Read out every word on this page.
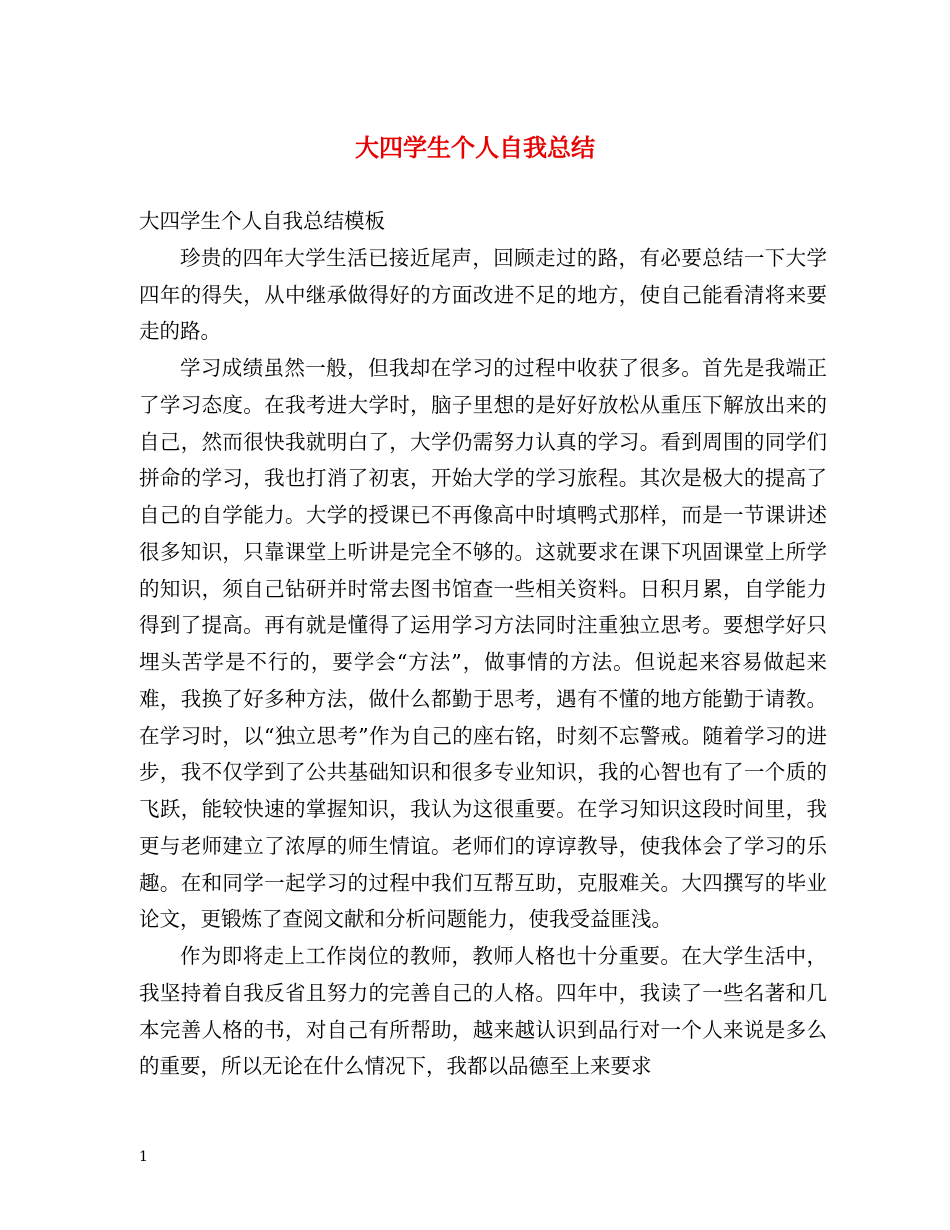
大四学生个人自我总结

大四学生个人自我总结模板

珍贵的四年大学生活已接近尾声，回顾走过的路，有必要总结一下大学四年的得失，从中继承做得好的方面改进不足的地方，使自己能看清将来要走的路。

学习成绩虽然一般，但我却在学习的过程中收获了很多。首先是我端正了学习态度。在我考进大学时，脑子里想的是好好放松从重压下解放出来的自己，然而很快我就明白了，大学仍需努力认真的学习。看到周围的同学们拼命的学习，我也打消了初衷，开始大学的学习旅程。其次是极大的提高了自己的自学能力。大学的授课已不再像高中时填鸭式那样，而是一节课讲述很多知识，只靠课堂上听讲是完全不够的。这就要求在课下巩固课堂上所学的知识，须自己钻研并时常去图书馆查一些相关资料。日积月累，自学能力得到了提高。再有就是懂得了运用学习方法同时注重独立思考。要想学好只埋头苦学是不行的，要学会“方法”，做事情的方法。但说起来容易做起来难，我换了好多种方法，做什么都勤于思考，遇有不懂的地方能勤于请教。在学习时，以“独立思考”作为自己的座右铭，时刻不忘警戒。随着学习的进步，我不仅学到了公共基础知识和很多专业知识，我的心智也有了一个质的飞跃，能较快速的掌握知识，我认为这很重要。在学习知识这段时间里，我更与老师建立了浓厚的师生情谊。老师们的谆谆教导，使我体会了学习的乐趣。在和同学一起学习的过程中我们互帮互助，克服难关。大四撰写的毕业论文，更锻炼了查阅文献和分析问题能力，使我受益匪浅。

作为即将走上工作岗位的教师，教师人格也十分重要。在大学生活中，我坚持着自我反省且努力的完善自己的人格。四年中，我读了一些名著和几本完善人格的书，对自己有所帮助，越来越认识到品行对一个人来说是多么的重要，所以无论在什么情况下，我都以品德至上来要求

1
